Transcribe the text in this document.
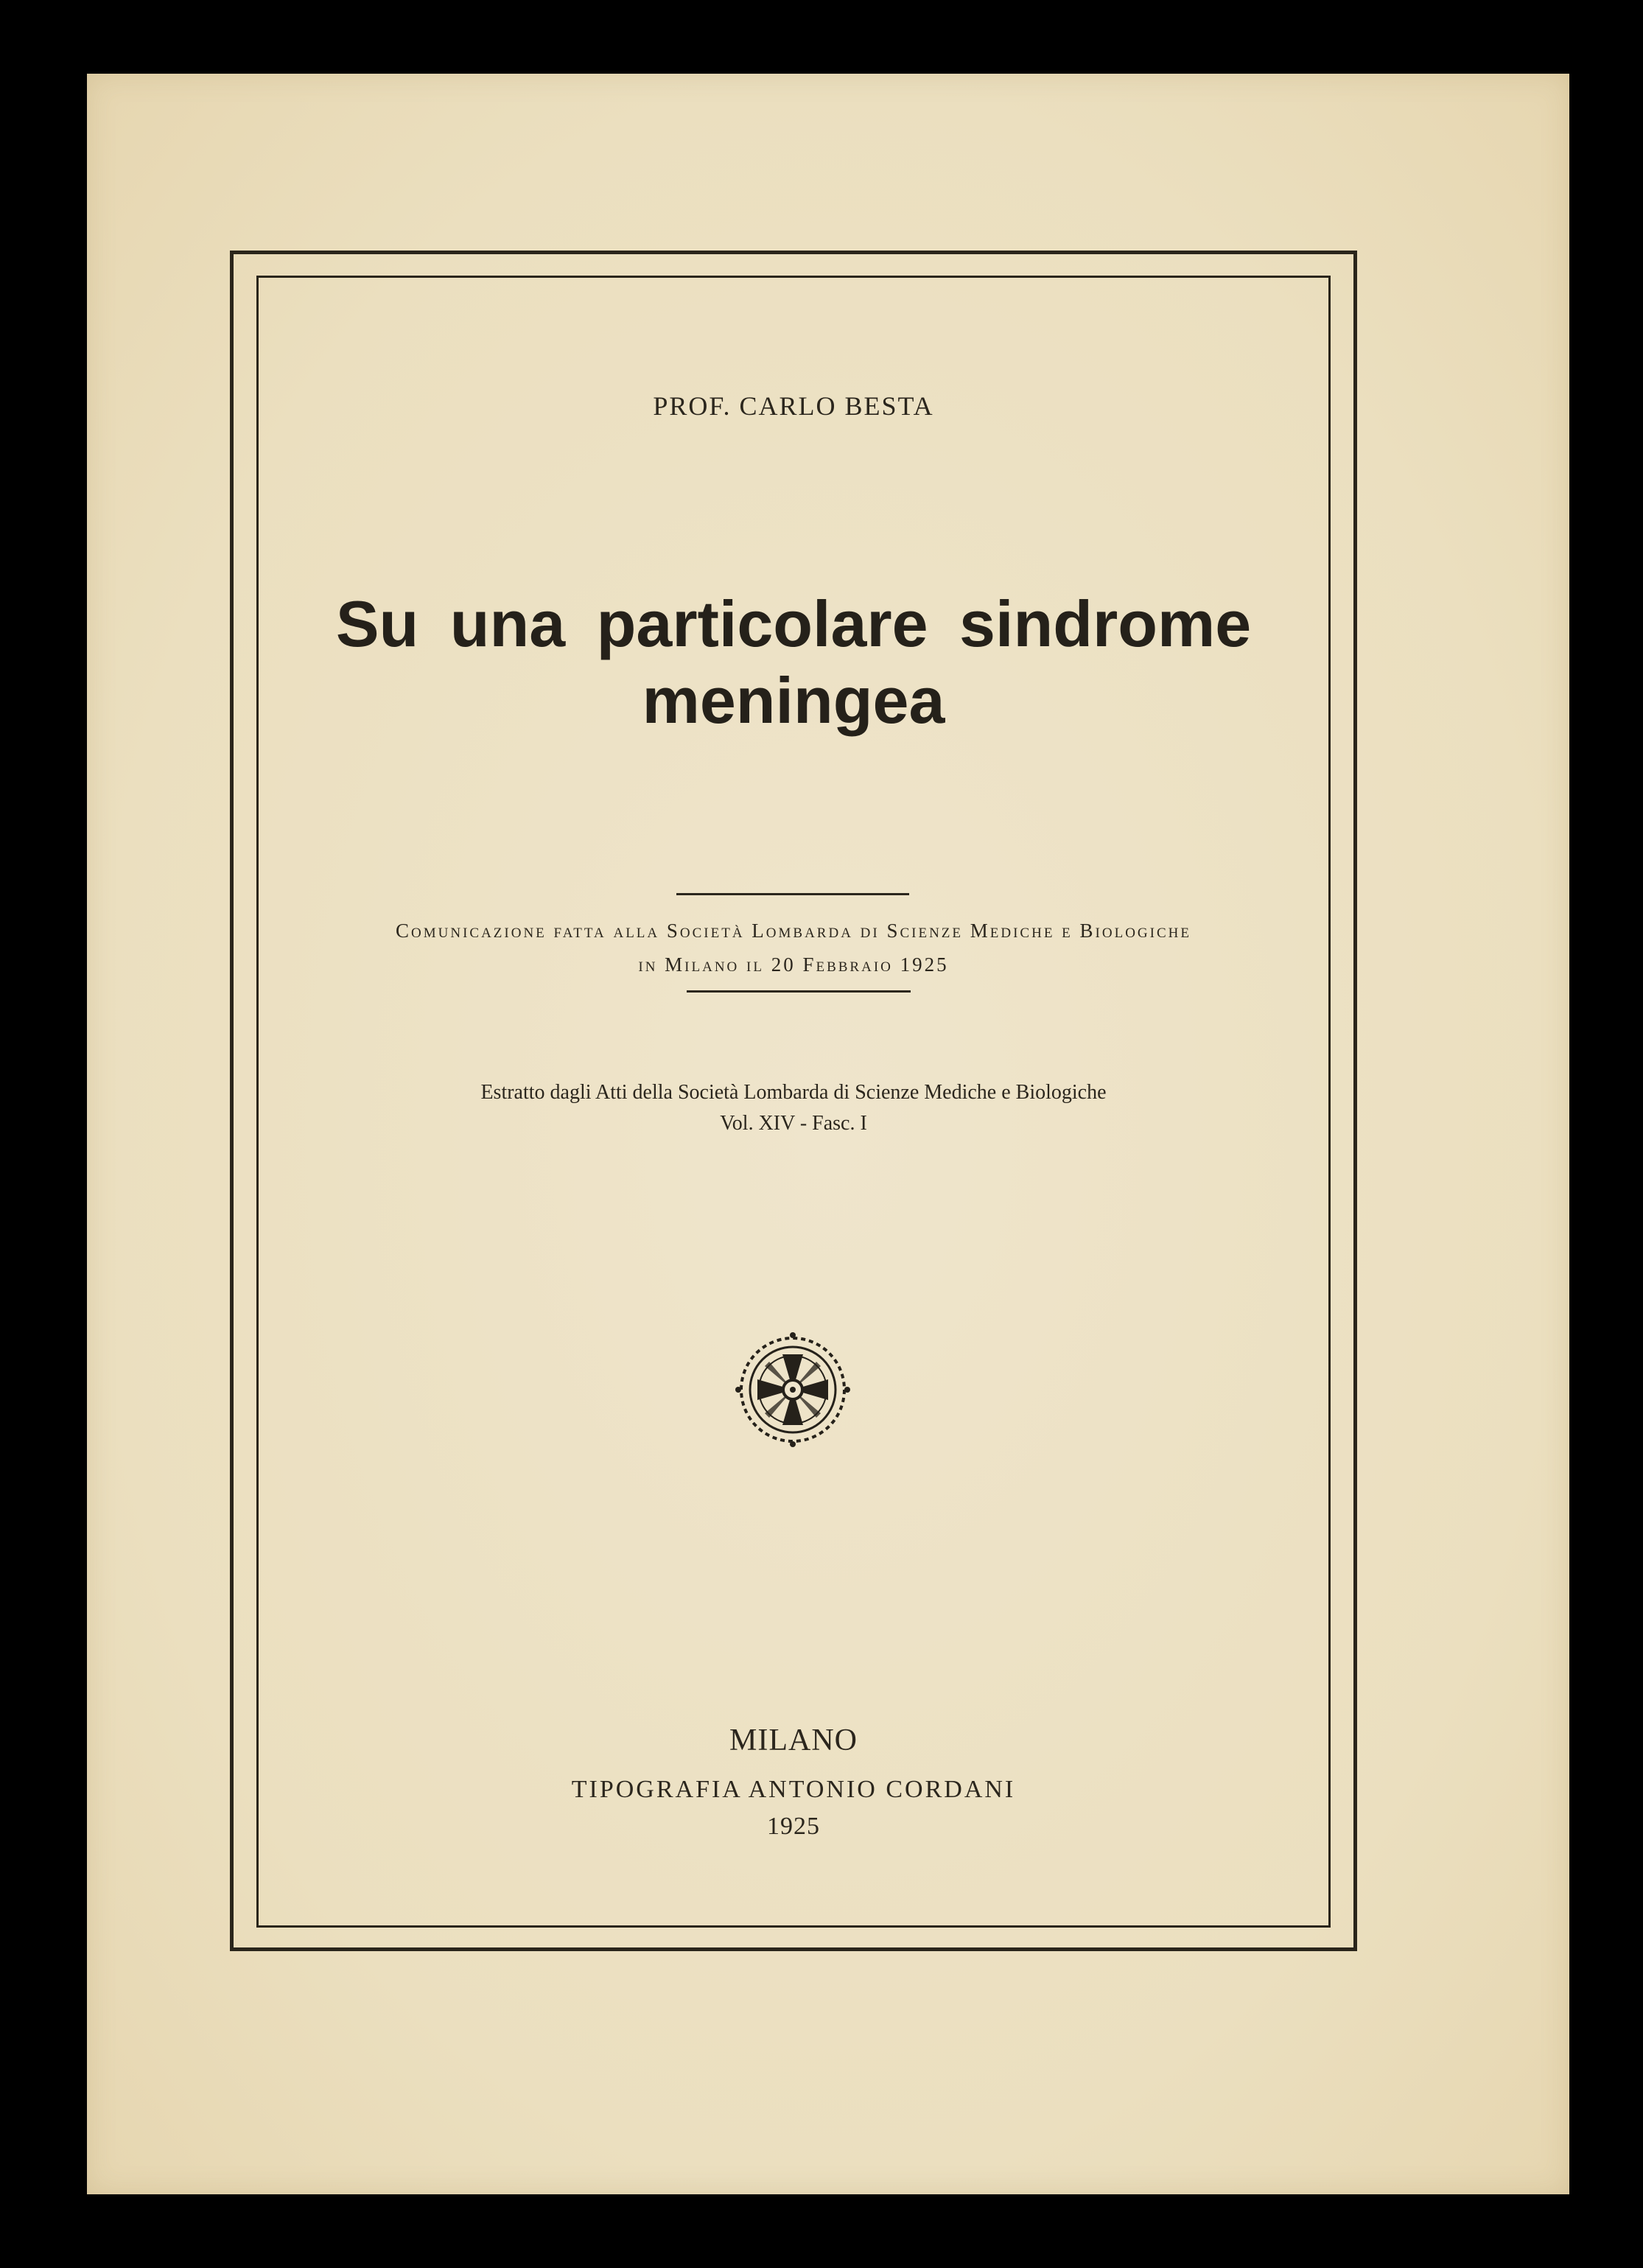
PROF. CARLO BESTA
Su una particolare sindrome
meningea
Comunicazione fatta alla Società Lombarda di Scienze Mediche e Biologiche
in Milano il 20 Febbraio 1925
Estratto dagli Atti della Società Lombarda di Scienze Mediche e Biologiche
Vol. XIV - Fasc. I
MILANO
TIPOGRAFIA ANTONIO CORDANI
1925
